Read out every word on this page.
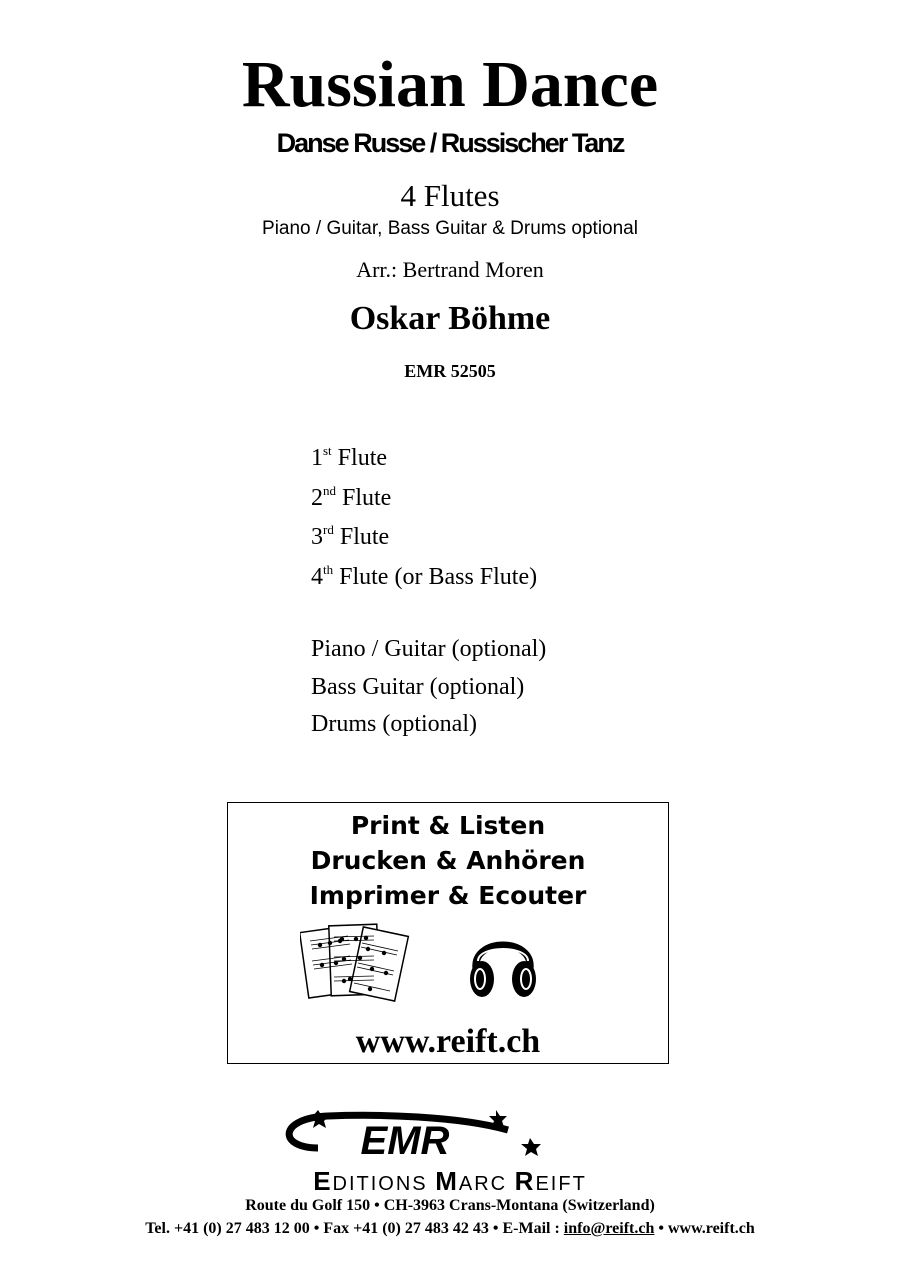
Russian Dance
Danse Russe / Russischer Tanz
4 Flutes
Piano / Guitar, Bass Guitar & Drums optional
Arr.: Bertrand Moren
Oskar Böhme
EMR 52505
1st Flute
2nd Flute
3rd Flute
4th Flute (or Bass Flute)
Piano / Guitar (optional)
Bass Guitar (optional)
Drums (optional)
Print & Listen
Drucken & Anhören
Imprimer & Ecouter
www.reift.ch
EMR
EDITIONS MARC REIFT
Route du Golf 150 • CH-3963 Crans-Montana (Switzerland)
Tel. +41 (0) 27 483 12 00 • Fax +41 (0) 27 483 42 43 • E-Mail : info@reift.ch • www.reift.ch
